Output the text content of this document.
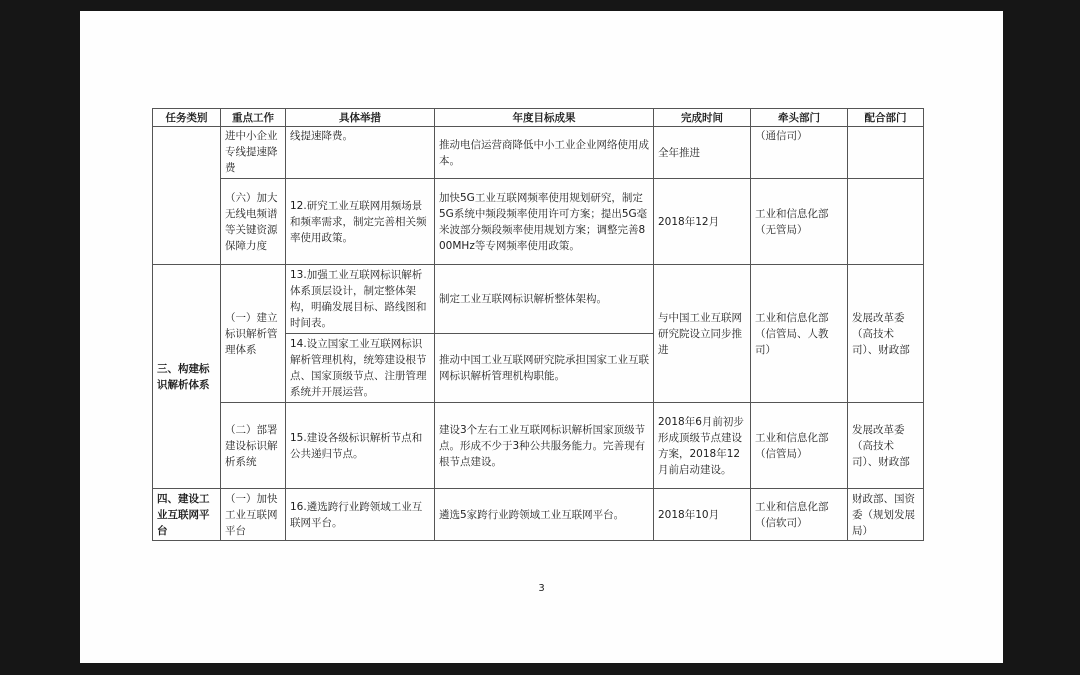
任务类别	重点工作	具体举措	年度目标成果	完成时间	牵头部门	配合部门
	进中小企业专线提速降费	线提速降费。	推动电信运营商降低中小工业企业网络使用成本。	全年推进	（通信司）	
	（六）加大无线电频谱等关键资源保障力度	12.研究工业互联网用频场景和频率需求，制定完善相关频率使用政策。	加快5G工业互联网频率使用规划研究，制定5G系统中频段频率使用许可方案；提出5G毫米波部分频段频率使用规划方案；调整完善800MHz等专网频率使用政策。	2018年12月	工业和信息化部（无管局）	
三、构建标识解析体系	（一）建立标识解析管理体系	13.加强工业互联网标识解析体系顶层设计，制定整体架构，明确发展目标、路线图和时间表。	制定工业互联网标识解析整体架构。	与中国工业互联网研究院设立同步推进	工业和信息化部（信管局、人教司）	发展改革委（高技术司）、财政部
		14.设立国家工业互联网标识解析管理机构，统筹建设根节点、国家顶级节点、注册管理系统并开展运营。	推动中国工业互联网研究院承担国家工业互联网标识解析管理机构职能。			
	（二）部署建设标识解析系统	15.建设各级标识解析节点和公共递归节点。	建设3个左右工业互联网标识解析国家顶级节点。形成不少于3种公共服务能力。完善现有根节点建设。	2018年6月前初步形成顶级节点建设方案，2018年12月前启动建设。	工业和信息化部（信管局）	发展改革委（高技术司）、财政部
四、建设工业互联网平台	（一）加快工业互联网平台	16.遴选跨行业跨领域工业互联网平台。	遴选5家跨行业跨领域工业互联网平台。	2018年10月	工业和信息化部（信软司）	财政部、国资委（规划发展局）
3
